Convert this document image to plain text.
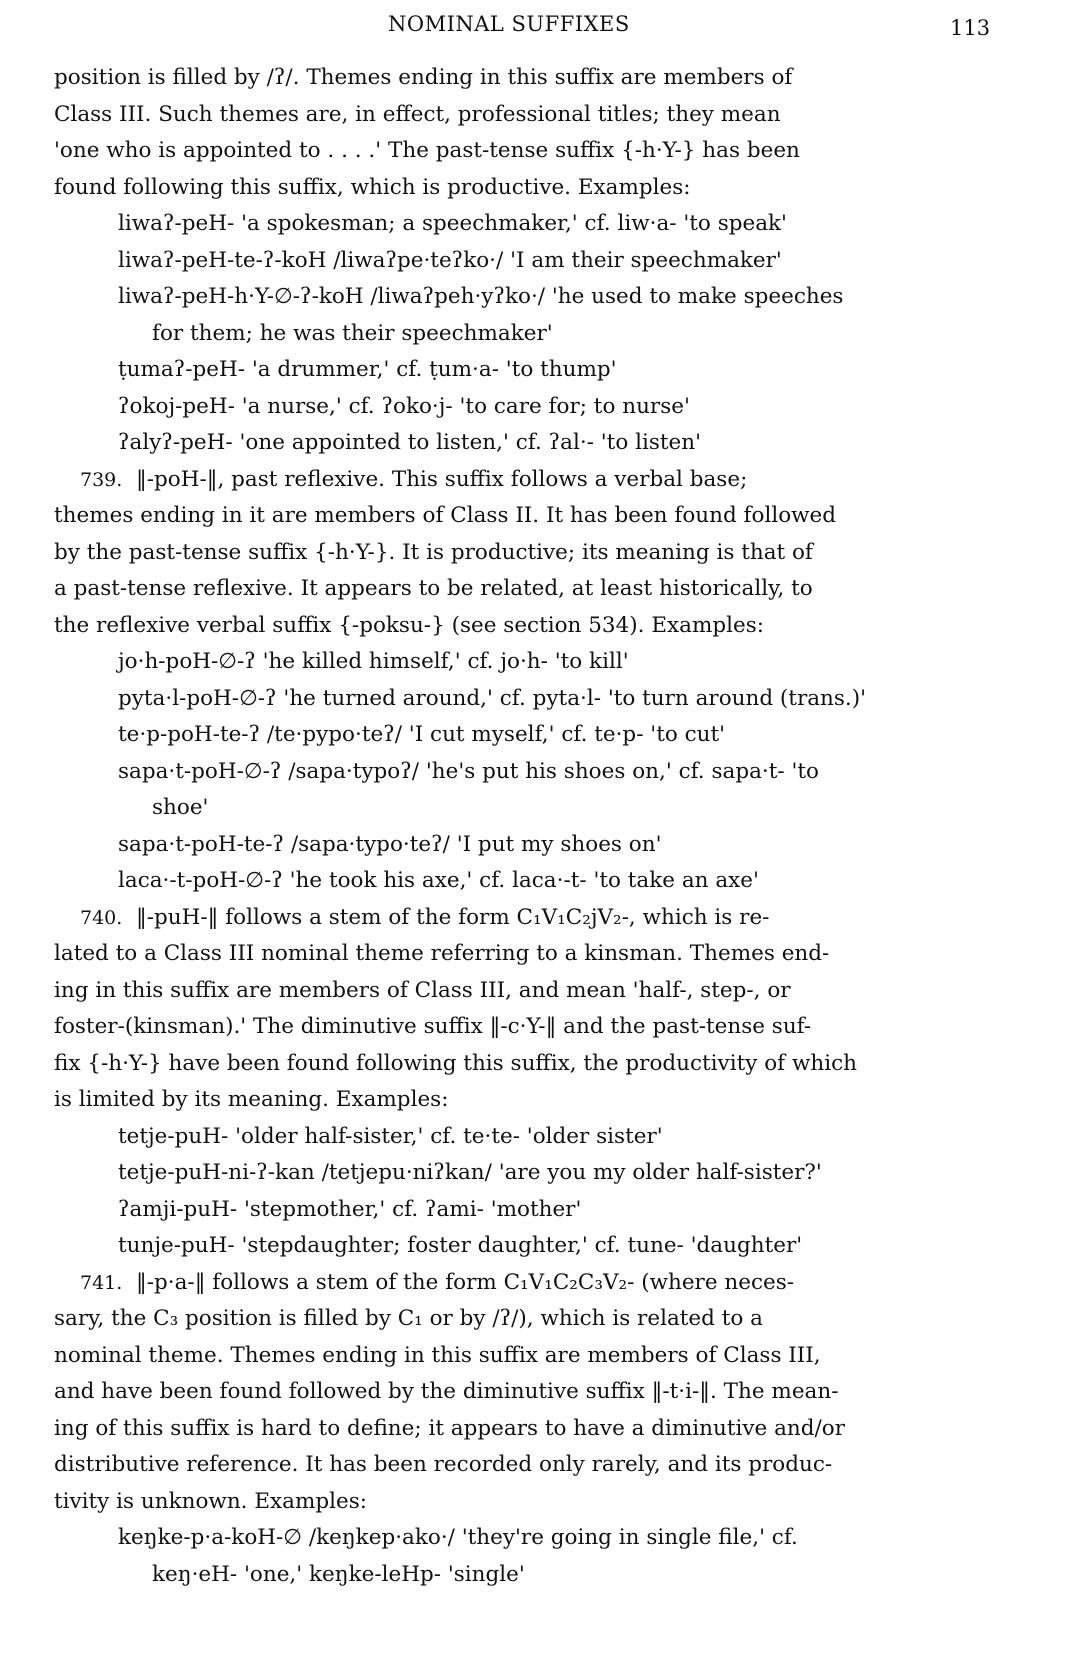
NOMINAL SUFFIXES	113
position is filled by /ʔ/. Themes ending in this suffix are members of
Class III. Such themes are, in effect, professional titles; they mean
'one who is appointed to . . . .' The past-tense suffix {-h·Y-} has been
found following this suffix, which is productive. Examples:
liwaʔ-peH- 'a spokesman; a speechmaker,' cf. liw·a- 'to speak'
liwaʔ-peH-te-ʔ-koH /liwaʔpe·teʔko·/ 'I am their speechmaker'
liwaʔ-peH-h·Y-∅-ʔ-koH /liwaʔpeh·yʔko·/ 'he used to make speeches
for them; he was their speechmaker'
ṭumaʔ-peH- 'a drummer,' cf. ṭum·a- 'to thump'
ʔokoj-peH- 'a nurse,' cf. ʔoko·j- 'to care for; to nurse'
ʔalyʔ-peH- 'one appointed to listen,' cf. ʔal·- 'to listen'
739. ‖-poH-‖, past reflexive. This suffix follows a verbal base;
themes ending in it are members of Class II. It has been found followed
by the past-tense suffix {-h·Y-}. It is productive; its meaning is that of
a past-tense reflexive. It appears to be related, at least historically, to
the reflexive verbal suffix {-poksu-} (see section 534). Examples:
jo·h-poH-∅-ʔ 'he killed himself,' cf. jo·h- 'to kill'
pyta·l-poH-∅-ʔ 'he turned around,' cf. pyta·l- 'to turn around (trans.)'
te·p-poH-te-ʔ /te·pypo·teʔ/ 'I cut myself,' cf. te·p- 'to cut'
sapa·t-poH-∅-ʔ /sapa·typoʔ/ 'he's put his shoes on,' cf. sapa·t- 'to
shoe'
sapa·t-poH-te-ʔ /sapa·typo·teʔ/ 'I put my shoes on'
laca·-t-poH-∅-ʔ 'he took his axe,' cf. laca·-t- 'to take an axe'
740. ‖-puH-‖ follows a stem of the form C₁V₁C₂jV₂-, which is re-
lated to a Class III nominal theme referring to a kinsman. Themes end-
ing in this suffix are members of Class III, and mean 'half-, step-, or
foster-(kinsman).' The diminutive suffix ‖-c·Y-‖ and the past-tense suf-
fix {-h·Y-} have been found following this suffix, the productivity of which
is limited by its meaning. Examples:
tetje-puH- 'older half-sister,' cf. te·te- 'older sister'
tetje-puH-ni-ʔ-kan /tetjepu·niʔkan/ 'are you my older half-sister?'
ʔamji-puH- 'stepmother,' cf. ʔami- 'mother'
tunje-puH- 'stepdaughter; foster daughter,' cf. tune- 'daughter'
741. ‖-p·a-‖ follows a stem of the form C₁V₁C₂C₃V₂- (where neces-
sary, the C₃ position is filled by C₁ or by /ʔ/), which is related to a
nominal theme. Themes ending in this suffix are members of Class III,
and have been found followed by the diminutive suffix ‖-t·i-‖. The mean-
ing of this suffix is hard to define; it appears to have a diminutive and/or
distributive reference. It has been recorded only rarely, and its produc-
tivity is unknown. Examples:
keŋke-p·a-koH-∅ /keŋkep·ako·/ 'they're going in single file,' cf.
keŋ·eH- 'one,' keŋke-leHp- 'single'
